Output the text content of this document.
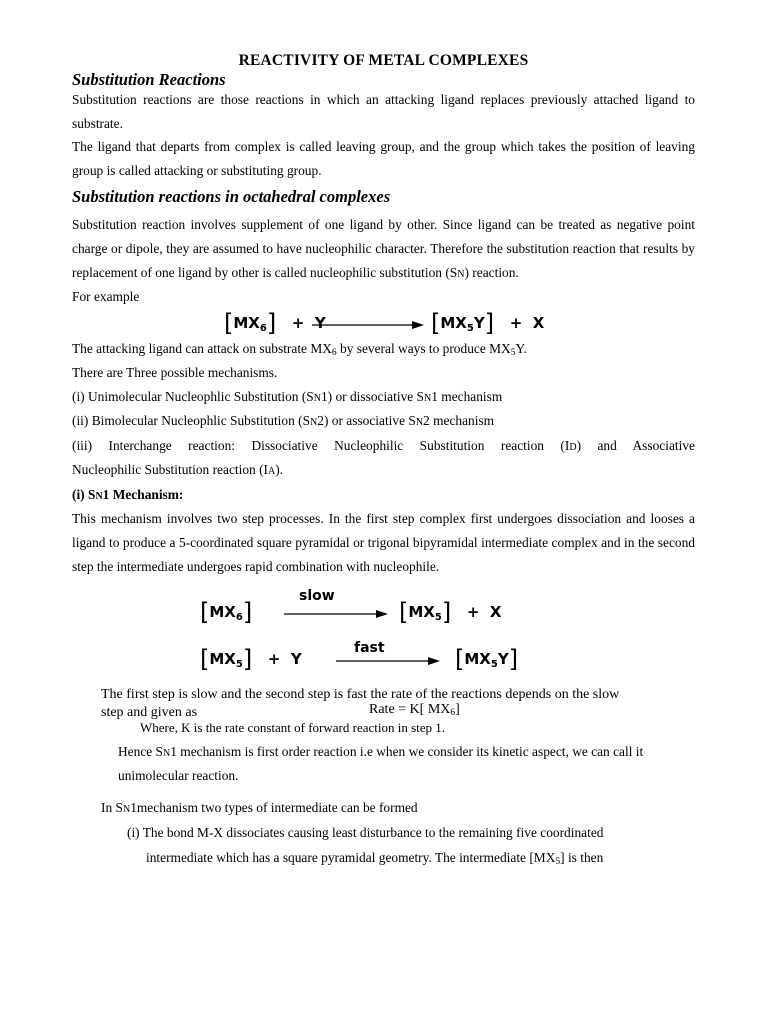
REACTIVITY OF METAL COMPLEXES
Substitution Reactions
Substitution reactions are those reactions in which an attacking ligand replaces previously attached ligand to substrate.
The ligand that departs from complex is called leaving group, and the group which takes the position of leaving group is called attacking or substituting group.
Substitution reactions in octahedral complexes
Substitution reaction involves supplement of one ligand by other. Since ligand can be treated as negative point charge or dipole, they are assumed to have nucleophilic character. Therefore the substitution reaction that results by replacement of one ligand by other is called nucleophilic substitution (SN) reaction.
For example
$[MX_6] + Y$	$[MX_5Y] + X$
The attacking ligand can attack on substrate $MX_6$ by several ways to produce $MX_5Y$.
There are Three possible mechanisms.
(i) Unimolecular Nucleophlic Substitution (SN1) or dissociative SN1 mechanism
(ii) Bimolecular Nucleophlic Substitution (SN2) or associative SN2 mechanism
(iii) Interchange reaction: Dissociative Nucleophilic Substitution reaction (ID) and Associative
Nucleophilic Substitution reaction (IA).
(i) SN1 Mechanism:
This mechanism involves two step processes. In the first step complex first undergoes dissociation and looses a ligand to produce a 5-coordinated square pyramidal or trigonal bipyramidal intermediate complex and in the second step the intermediate undergoes rapid combination with nucleophile.
$[MX_6]$
slow
$[MX_5] + X$
$[MX_5] + Y$
fast	$[MX_5Y]$
The first step is slow and the second step is fast the rate of the reactions depends on the slow
step and given as	Rate = K[ $MX_6$]
Where, K is the rate constant of forward reaction in step 1.
Hence SN1 mechanism is first order reaction i.e when we consider its kinetic aspect, we can call it
unimolecular reaction.
In SN1mechanism two types of intermediate can be formed
(i) The bond M-X dissociates causing least disturbance to the remaining five coordinated
intermediate which has a square pyramidal geometry. The intermediate $[MX_5]$ is then
